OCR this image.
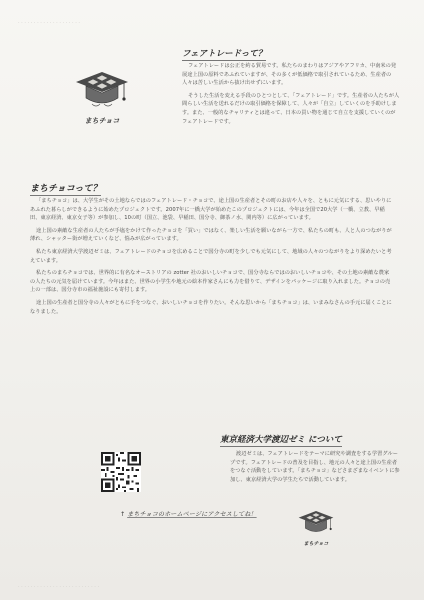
· · · · · · · · · · · · · · · · · · · ·
· · · · · · · · · · · · · · · · · · · · · · · · · ·
まちチョコ
フェアトレードって？

フェアトレードは公正を約る貿易です。私たちのまわりはアジアやアフリカ、中南米の発展途上国の原料であふれていますが、その多くが低価格で取引されているため、生産者の人々は苦しい生活から抜け出せずにいます。

そうした生活を変える手段のひとつとして、「フェアトレード」です。生産者の人たちが人間らしい生活を送れるだけの取引価格を保障して、人々が「自立」していくのを手助けします。また、一般的なチャリティとは違って、日本の買い物を通じて自立を支援していくのがフェアトレードです。

まちチョコって？

「まちチョコ」は、大学生がその土地ならではのフェアトレード・チョコで、途上国の生産者とその町のお店や人々を、ともに元気にする、思いやりにあふれた暮らしができるように始めたプロジェクトです。2007年に一橋大学が始めたこのプロジェクトには、今年は全国で20大学（一橋、立教、早稲田、東京経済、東京女子等）が参加し、10の町（国立、池袋、早稲田、国分寺、御茶ノ水、関内等）に広がっています。

途上国の素敵な生産者の人たちが手塩をかけて作ったチョコを「買い」ではなく、楽しい生活を願いながら一方で、私たちの町も、人と人のつながりが薄れ、シャッター街が増えていくなど、悩みが広がっています。

私たち東京経済大学渡辺ゼミは、フェアトレードのチョコを広めることで国分寺の町を少しでも元気にして、地域の人々のつながりをより深めたいと考えています。

私たちのまちチョコでは、世界的に有名なオーストリアの zotter 社のおいしいチョコで、国分寺ならではのおいしいチョコや、その土地の素敵な農家の人たちの元気を届けています。今年はまた、世界の小学生や地元の絵本作家さんにも力を借りて、デザインをパッケージに取り入れました。チョコの売上の一部は、国分寺市の福祉施設にも寄付します。

途上国の生産者と国分寺の人々がともに手をつなぐ、おいしいチョコを作りたい。そんな思いから「まちチョコ」は、いまみなさんの手元に届くことになりました。

東京経済大学渡辺ゼミ について

渡辺ゼミは、フェアトレードをテーマに研究や調査をする学習グループです。フェアトレードの普及を目指し、地元の人々と途上国の生産者をつなぐ活動をしています。「まちチョコ」などさまざまなイベントに参加し、東京経済大学の学生たちで活動しています。

↑ まちチョコのホームページにアクセスしてね！
まちチョコ
